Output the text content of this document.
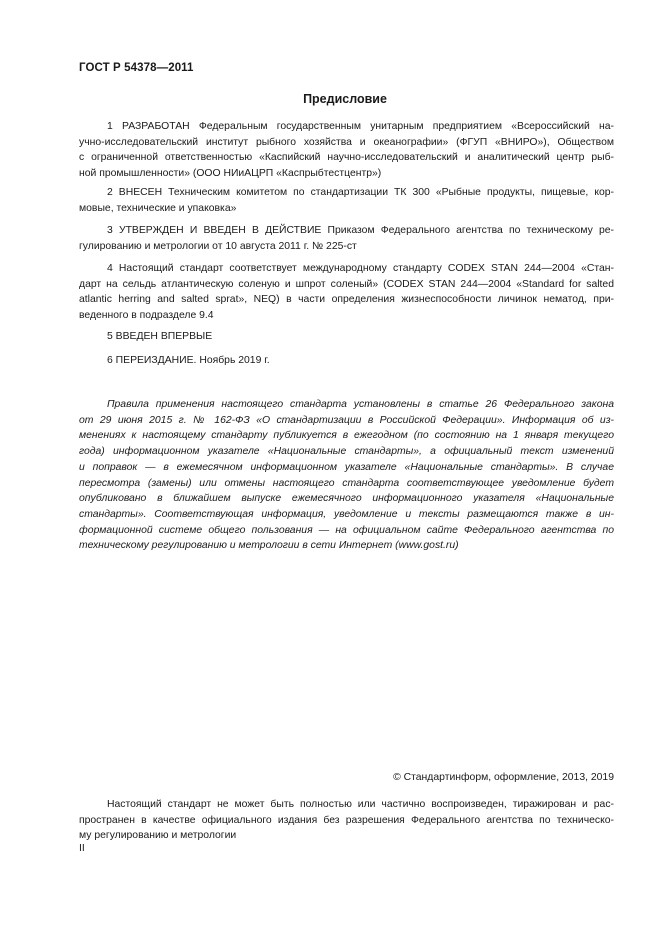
ГОСТ Р 54378—2011
Предисловие
1 РАЗРАБОТАН Федеральным государственным унитарным предприятием «Всероссийский на-
учно-исследовательский институт рыбного хозяйства и океанографии» (ФГУП «ВНИРО»), Обществом
с ограниченной ответственностью «Каспийский научно-исследовательский и аналитический центр рыб-
ной промышленности» (ООО НИиАЦРП «Каспрыбтестцентр»)
2 ВНЕСЕН Техническим комитетом по стандартизации ТК 300 «Рыбные продукты, пищевые, кор-
мовые, технические и упаковка»
3 УТВЕРЖДЕН И ВВЕДЕН В ДЕЙСТВИЕ Приказом Федерального агентства по техническому ре-
гулированию и метрологии от 10 августа 2011 г. № 225-ст
4 Настоящий стандарт соответствует международному стандарту CODEX STAN 244—2004 «Стан-
дарт на сельдь атлантическую соленую и шпрот соленый» (CODEX STAN 244—2004 «Standard for salted
atlantic herring and salted sprat», NEQ) в части определения жизнеспособности личинок нематод, при-
веденного в подразделе 9.4
5 ВВЕДЕН ВПЕРВЫЕ
6 ПЕРЕИЗДАНИЕ. Ноябрь 2019 г.
Правила применения настоящего стандарта установлены в статье 26 Федерального закона
от 29 июня 2015 г. № 162-ФЗ «О стандартизации в Российской Федерации». Информация об из-
менениях к настоящему стандарту публикуется в ежегодном (по состоянию на 1 января текущего
года) информационном указателе «Национальные стандарты», а официальный текст изменений
и поправок — в ежемесячном информационном указателе «Национальные стандарты». В случае
пересмотра (замены) или отмены настоящего стандарта соответствующее уведомление будет
опубликовано в ближайшем выпуске ежемесячного информационного указателя «Национальные
стандарты». Соответствующая информация, уведомление и тексты размещаются также в ин-
формационной системе общего пользования — на официальном сайте Федерального агентства по
техническому регулированию и метрологии в сети Интернет (www.gost.ru)
© Стандартинформ, оформление, 2013, 2019
Настоящий стандарт не может быть полностью или частично воспроизведен, тиражирован и рас-
пространен в качестве официального издания без разрешения Федерального агентства по техническо-
му регулированию и метрологии
II
